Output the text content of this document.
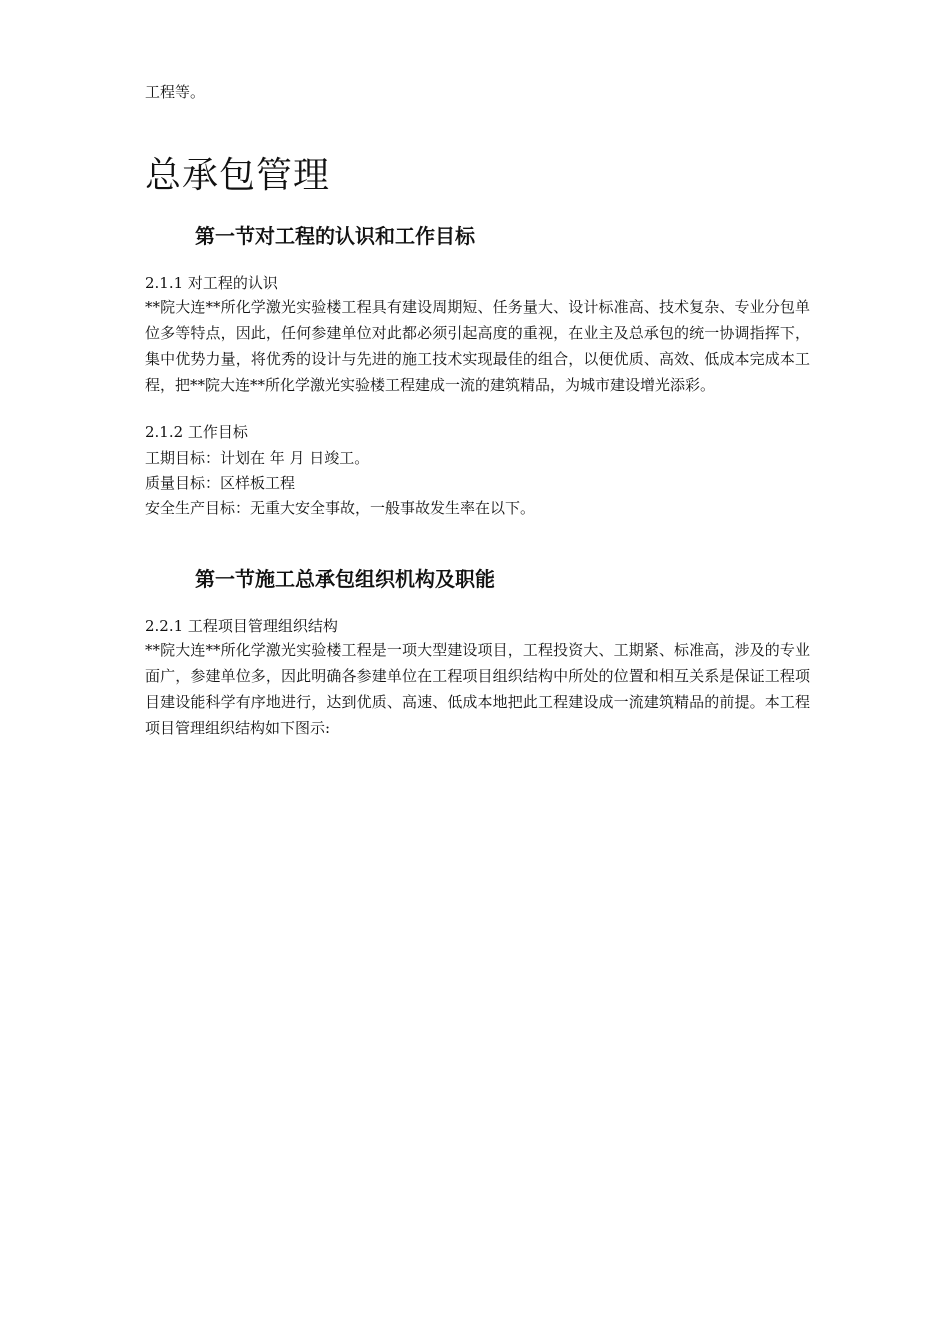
工程等。
总承包管理
第一节对工程的认识和工作目标
2.1.1 对工程的认识
**院大连**所化学激光实验楼工程具有建设周期短、任务量大、设计标准高、技术复杂、专业分包单位多等特点，因此，任何参建单位对此都必须引起高度的重视，在业主及总承包的统一协调指挥下，集中优势力量，将优秀的设计与先进的施工技术实现最佳的组合，以便优质、高效、低成本完成本工程，把**院大连**所化学激光实验楼工程建成一流的建筑精品，为城市建设增光添彩。
2.1.2 工作目标
工期目标：计划在 年 月 日竣工。
质量目标：区样板工程
安全生产目标：无重大安全事故，一般事故发生率在以下。
第一节施工总承包组织机构及职能
2.2.1 工程项目管理组织结构
**院大连**所化学激光实验楼工程是一项大型建设项目，工程投资大、工期紧、标准高，涉及的专业面广，参建单位多，因此明确各参建单位在工程项目组织结构中所处的位置和相互关系是保证工程项目建设能科学有序地进行，达到优质、高速、低成本地把此工程建设成一流建筑精品的前提。本工程项目管理组织结构如下图示:
